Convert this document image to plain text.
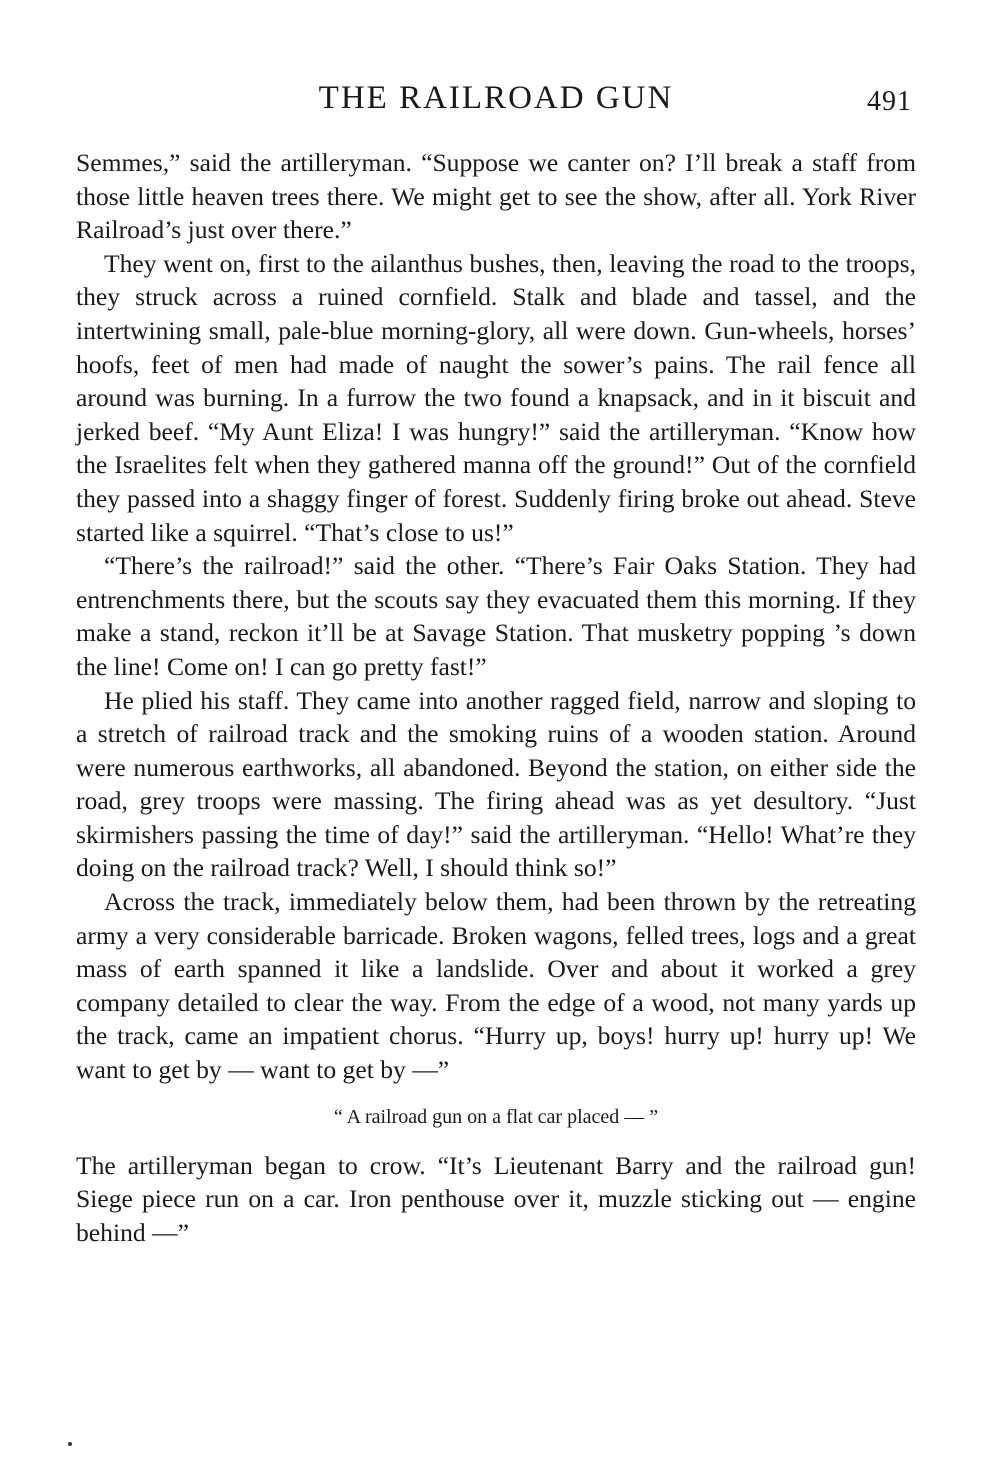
THE RAILROAD GUN	491

Semmes,” said the artilleryman. “Suppose we canter on? I’ll break a staff from those little heaven trees there. We might get to see the show, after all. York River Railroad’s just over there.”

They went on, first to the ailanthus bushes, then, leaving the road to the troops, they struck across a ruined cornfield. Stalk and blade and tassel, and the intertwining small, pale-blue morning-glory, all were down. Gun-wheels, horses’ hoofs, feet of men had made of naught the sower’s pains. The rail fence all around was burning. In a furrow the two found a knapsack, and in it biscuit and jerked beef. “My Aunt Eliza! I was hungry!” said the artilleryman. “Know how the Israelites felt when they gathered manna off the ground!” Out of the cornfield they passed into a shaggy finger of forest. Suddenly firing broke out ahead. Steve started like a squirrel. “That’s close to us!”

“There’s the railroad!” said the other. “There’s Fair Oaks Station. They had entrenchments there, but the scouts say they evacuated them this morning. If they make a stand, reckon it’ll be at Savage Station. That musketry popping ’s down the line! Come on! I can go pretty fast!”

He plied his staff. They came into another ragged field, narrow and sloping to a stretch of railroad track and the smoking ruins of a wooden station. Around were numerous earthworks, all abandoned. Beyond the station, on either side the road, grey troops were massing. The firing ahead was as yet desultory. “Just skirmishers passing the time of day!” said the artilleryman. “Hello! What’re they doing on the railroad track? Well, I should think so!”

Across the track, immediately below them, had been thrown by the retreating army a very considerable barricade. Broken wagons, felled trees, logs and a great mass of earth spanned it like a landslide. Over and about it worked a grey company detailed to clear the way. From the edge of a wood, not many yards up the track, came an impatient chorus. “Hurry up, boys! hurry up! hurry up! We want to get by — want to get by —”

“ A railroad gun on a flat car placed — ”

The artilleryman began to crow. “It’s Lieutenant Barry and the railroad gun! Siege piece run on a car. Iron penthouse over it, muzzle sticking out — engine behind —”
